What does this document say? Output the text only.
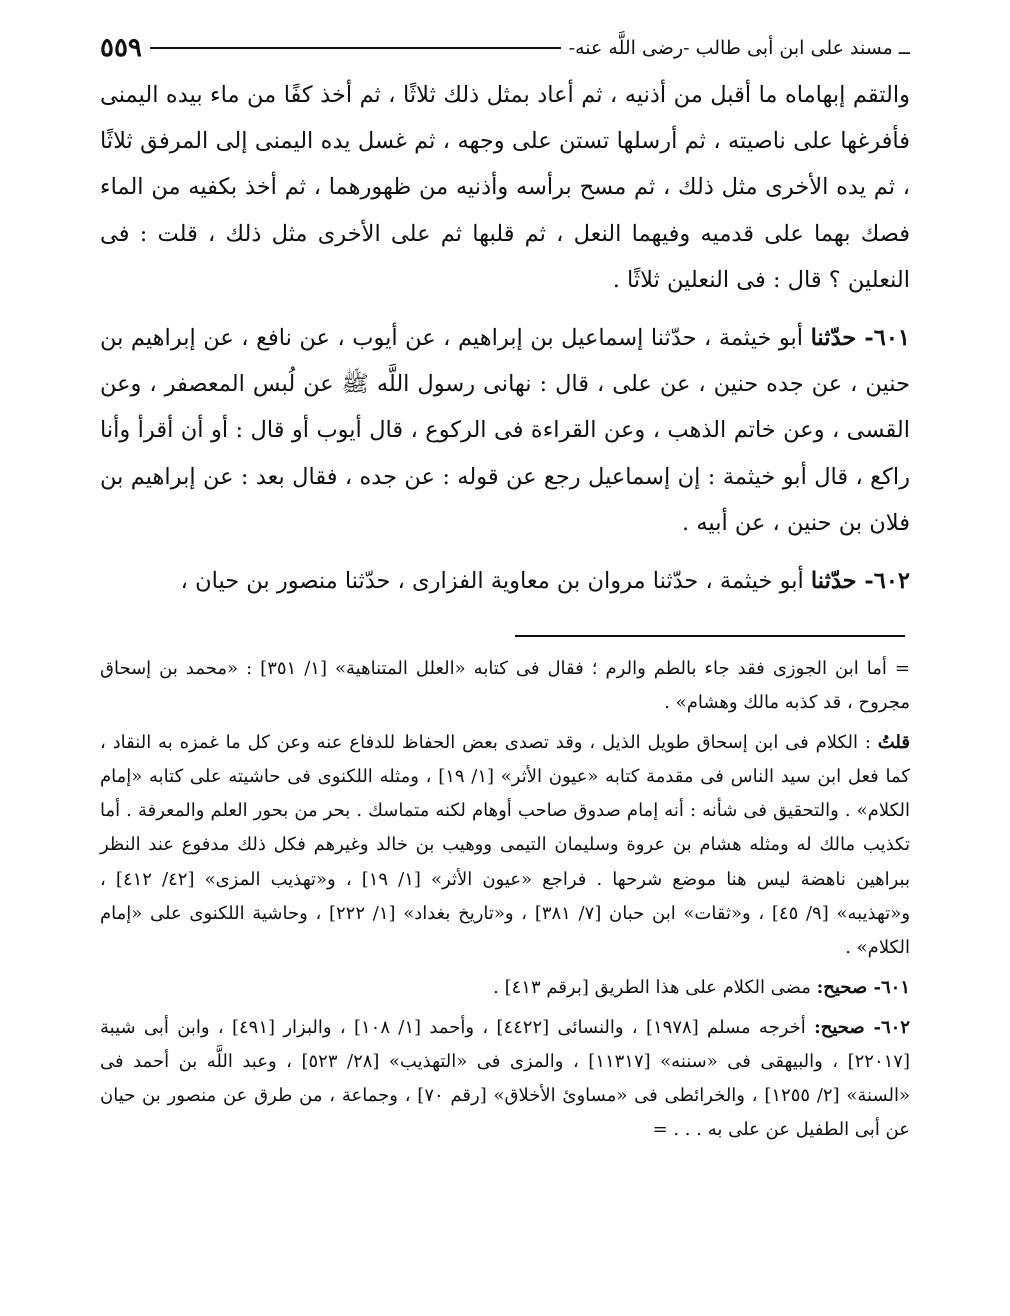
ــ مسند على ابن أبى طالب -رضى اللَّه عنه-
٥٥٩

والتقم إبهاماه ما أقبل من أذنيه ، ثم أعاد بمثل ذلك ثلاثًا ، ثم أخذ كفًا من ماء بيده اليمنى فأفرغها على ناصيته ، ثم أرسلها تستن على وجهه ، ثم غسل يده اليمنى إلى المرفق ثلاثًا ، ثم يده الأخرى مثل ذلك ، ثم مسح برأسه وأذنيه من ظهورهما ، ثم أخذ بكفيه من الماء فصك بهما على قدميه وفيهما النعل ، ثم قلبها ثم على الأخرى مثل ذلك ، قلت : فى النعلين ؟ قال : فى النعلين ثلاثًا .

٦٠١- حدّثنا أبو خيثمة ، حدّثنا إسماعيل بن إبراهيم ، عن أيوب ، عن نافع ، عن إبراهيم بن حنين ، عن جده حنين ، عن على ، قال : نهانى رسول اللَّه ﷺ عن لُبس المعصفر ، وعن القسى ، وعن خاتم الذهب ، وعن القراءة فى الركوع ، قال أيوب أو قال : أو أن أقرأ وأنا راكع ، قال أبو خيثمة : إن إسماعيل رجع عن قوله : عن جده ، فقال بعد : عن إبراهيم بن فلان بن حنين ، عن أبيه .

٦٠٢- حدّثنا أبو خيثمة ، حدّثنا مروان بن معاوية الفزارى ، حدّثنا منصور بن حيان ،

= أما ابن الجوزى فقد جاء بالطم والرم ؛ فقال فى كتابه «العلل المتناهية» [١/ ٣٥١] : «محمد بن إسحاق مجروح ، قد كذبه مالك وهشام» .

قلتُ : الكلام فى ابن إسحاق طويل الذيل ، وقد تصدى بعض الحفاظ للدفاع عنه وعن كل ما غمزه به النقاد ، كما فعل ابن سيد الناس فى مقدمة كتابه «عيون الأثر» [١/ ١٩] ، ومثله اللكنوى فى حاشيته على كتابه «إمام الكلام» . والتحقيق فى شأنه : أنه إمام صدوق صاحب أوهام لكنه متماسك . بحر من بحور العلم والمعرفة . أما تكذيب مالك له ومثله هشام بن عروة وسليمان التيمى ووهيب بن خالد وغيرهم فكل ذلك مدفوع عند النظر ببراهين ناهضة ليس هنا موضع شرحها . فراجع «عيون الأثر» [١/ ١٩] ، و«تهذيب المزى» [٤٢/ ٤١٢] ، و«تهذيبه» [٩/ ٤٥] ، و«ثقات» ابن حبان [٧/ ٣٨١] ، و«تاريخ بغداد» [١/ ٢٢٢] ، وحاشية اللكنوى على «إمام الكلام» .

٦٠١- صحيح: مضى الكلام على هذا الطريق [برقم ٤١٣] .

٦٠٢- صحيح: أخرجه مسلم [١٩٧٨] ، والنسائى [٤٤٢٢] ، وأحمد [١/ ١٠٨] ، والبزار [٤٩١] ، وابن أبى شيبة [٢٢٠١٧] ، والبيهقى فى «سننه» [١١٣١٧] ، والمزى فى «التهذيب» [٢٨/ ٥٢٣] ، وعبد اللَّه بن أحمد فى «السنة» [٢/ ١٢٥٥] ، والخرائطى فى «مساوئ الأخلاق» [رقم ٧٠] ، وجماعة ، من طرق عن منصور بن حيان عن أبى الطفيل عن على به . . . =
